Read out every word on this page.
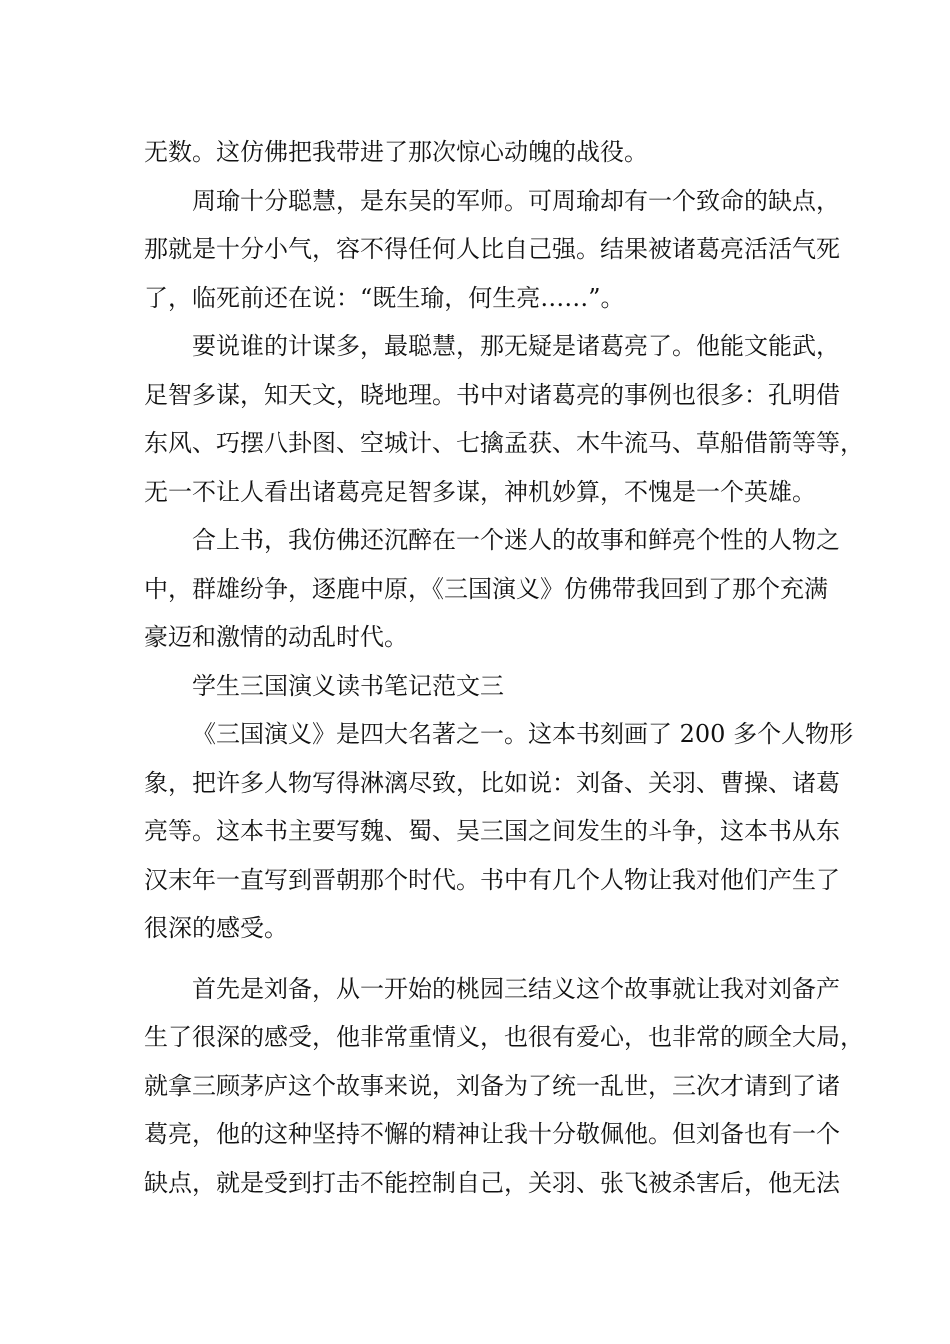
无数。这仿佛把我带进了那次惊心动魄的战役。
周瑜十分聪慧，是东吴的军师。可周瑜却有一个致命的缺点，
那就是十分小气，容不得任何人比自己强。结果被诸葛亮活活气死
了，临死前还在说：“既生瑜，何生亮……”。
要说谁的计谋多，最聪慧，那无疑是诸葛亮了。他能文能武，
足智多谋，知天文，晓地理。书中对诸葛亮的事例也很多：孔明借
东风、巧摆八卦图、空城计、七擒孟获、木牛流马、草船借箭等等，
无一不让人看出诸葛亮足智多谋，神机妙算，不愧是一个英雄。
合上书，我仿佛还沉醉在一个迷人的故事和鲜亮个性的人物之
中，群雄纷争，逐鹿中原，《三国演义》仿佛带我回到了那个充满
豪迈和激情的动乱时代。
学生三国演义读书笔记范文三
《三国演义》是四大名著之一。这本书刻画了 200 多个人物形
象，把许多人物写得淋漓尽致，比如说：刘备、关羽、曹操、诸葛
亮等。这本书主要写魏、蜀、吴三国之间发生的斗争，这本书从东
汉末年一直写到晋朝那个时代。书中有几个人物让我对他们产生了
很深的感受。
首先是刘备，从一开始的桃园三结义这个故事就让我对刘备产
生了很深的感受，他非常重情义，也很有爱心，也非常的顾全大局，
就拿三顾茅庐这个故事来说，刘备为了统一乱世，三次才请到了诸
葛亮，他的这种坚持不懈的精神让我十分敬佩他。但刘备也有一个
缺点，就是受到打击不能控制自己，关羽、张飞被杀害后，他无法
